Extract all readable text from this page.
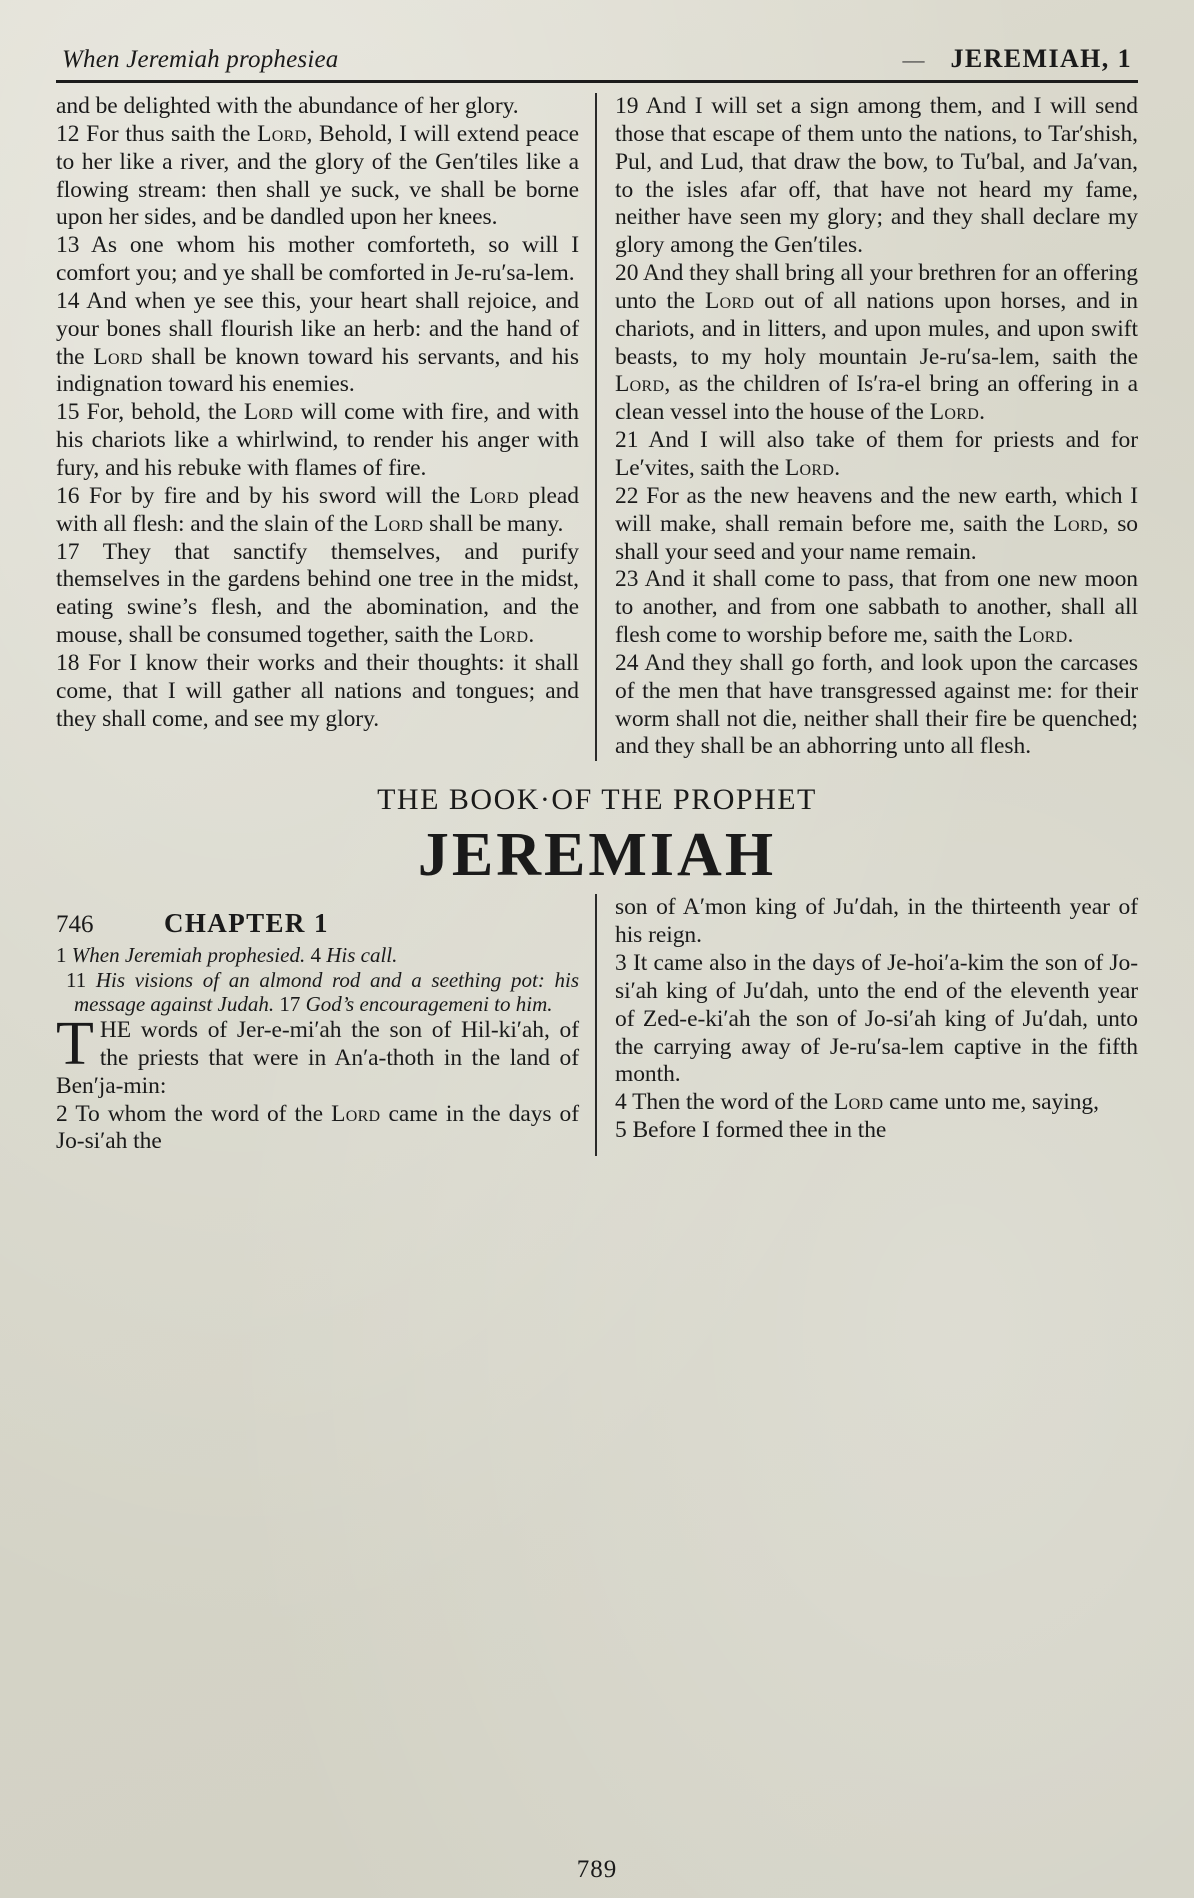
When Jeremiah prophesiea	― JEREMIAH, 1

and be delighted with the abundance of her glory.

12 For thus saith the Lord, Behold, I will extend peace to her like a river, and the glory of the Gen′tiles like a flowing stream: then shall ye suck, ve shall be borne upon her sides, and be dandled upon her knees.

13 As one whom his mother comforteth, so will I comfort you; and ye shall be comforted in Je-ru′sa-lem.

14 And when ye see this, your heart shall rejoice, and your bones shall flourish like an herb: and the hand of the Lord shall be known toward his servants, and his indignation toward his enemies.

15 For, behold, the Lord will come with fire, and with his chariots like a whirlwind, to render his anger with fury, and his rebuke with flames of fire.

16 For by fire and by his sword will the Lord plead with all flesh: and the slain of the Lord shall be many.

17 They that sanctify themselves, and purify themselves in the gardens behind one tree in the midst, eating swine’s flesh, and the abomination, and the mouse, shall be consumed together, saith the Lord.

18 For I know their works and their thoughts: it shall come, that I will gather all nations and tongues; and they shall come, and see my glory.

19 And I will set a sign among them, and I will send those that escape of them unto the nations, to Tar′shish, Pul, and Lud, that draw the bow, to Tu′bal, and Ja′van, to the isles afar off, that have not heard my fame, neither have seen my glory; and they shall declare my glory among the Gen′tiles.

20 And they shall bring all your brethren for an offering unto the Lord out of all nations upon horses, and in chariots, and in litters, and upon mules, and upon swift beasts, to my holy mountain Je-ru′sa-lem, saith the Lord, as the children of Is′ra-el bring an offering in a clean vessel into the house of the Lord.

21 And I will also take of them for priests and for Le′vites, saith the Lord.

22 For as the new heavens and the new earth, which I will make, shall remain before me, saith the Lord, so shall your seed and your name remain.

23 And it shall come to pass, that from one new moon to another, and from one sabbath to another, shall all flesh come to worship before me, saith the Lord.

24 And they shall go forth, and look upon the carcases of the men that have transgressed against me: for their worm shall not die, neither shall their fire be quenched; and they shall be an abhorring unto all flesh.

THE BOOK·OF THE PROPHET
JEREMIAH
746	CHAPTER 1

1 When Jeremiah prophesied. 4 His call.
11 His visions of an almond rod and a seething pot: his message against Judah. 17 God’s encouragemeni to him.

THE words of Jer-e-mi′ah the son of Hil-ki′ah, of the priests that were in An′a-thoth in the land of Ben′ja-min:

2 To whom the word of the Lord came in the days of Jo-si′ah the

son of A′mon king of Ju′dah, in the thirteenth year of his reign.

3 It came also in the days of Je-hoi′a-kim the son of Jo-si′ah king of Ju′dah, unto the end of the eleventh year of Zed-e-ki′ah the son of Jo-si′ah king of Ju′dah, unto the carrying away of Je-ru′sa-lem captive in the fifth month.

4 Then the word of the Lord came unto me, saying,

5 Before I formed thee in the

789
